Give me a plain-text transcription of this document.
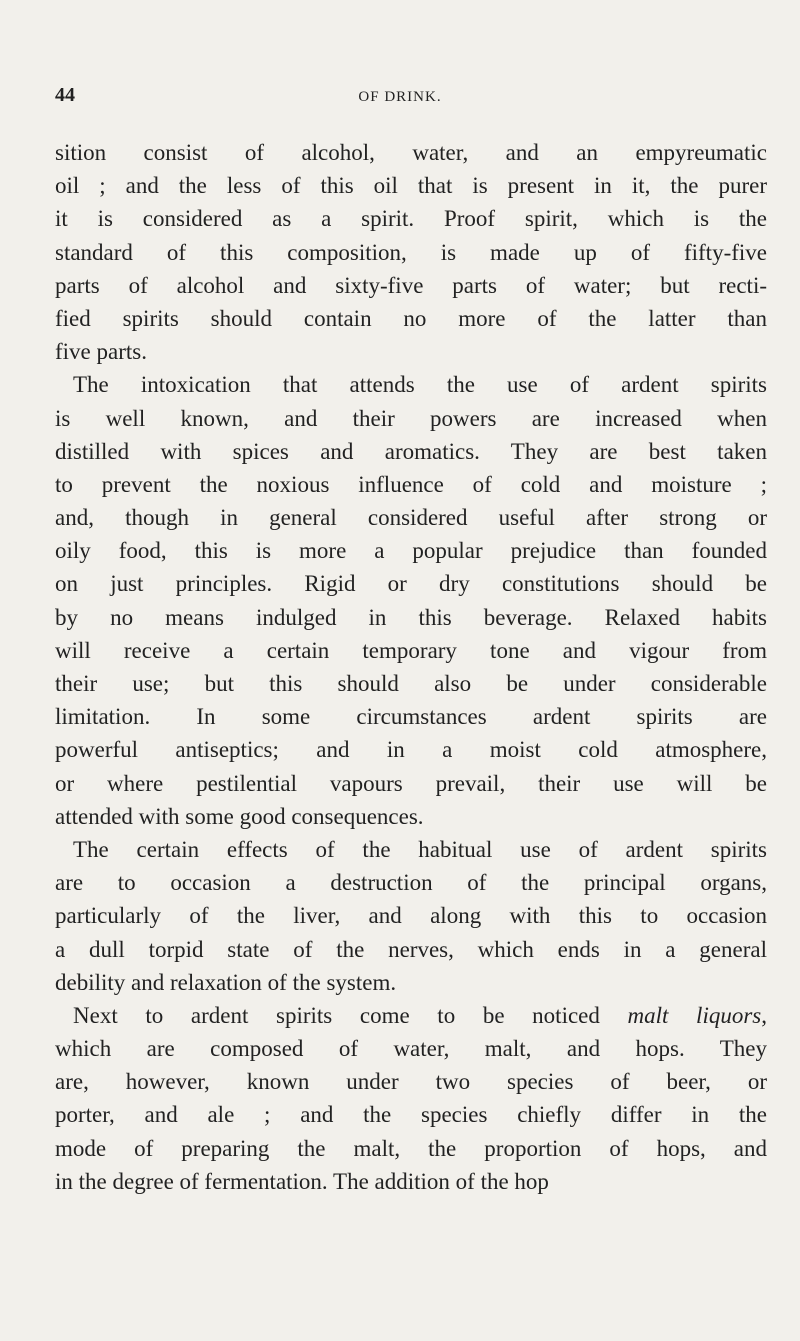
44	OF DRINK.
sition consist of alcohol, water, and an empyreumatic
oil ; and the less of this oil that is present in it, the purer
it is considered as a spirit. Proof spirit, which is the
standard of this composition, is made up of fifty-five
parts of alcohol and sixty-five parts of water; but recti-
fied spirits should contain no more of the latter than
five parts.
The intoxication that attends the use of ardent spirits
is well known, and their powers are increased when
distilled with spices and aromatics. They are best taken
to prevent the noxious influence of cold and moisture ;
and, though in general considered useful after strong or
oily food, this is more a popular prejudice than founded
on just principles. Rigid or dry constitutions should be
by no means indulged in this beverage. Relaxed habits
will receive a certain temporary tone and vigour from
their use; but this should also be under considerable
limitation. In some circumstances ardent spirits are
powerful antiseptics; and in a moist cold atmosphere,
or where pestilential vapours prevail, their use will be
attended with some good consequences.
The certain effects of the habitual use of ardent spirits
are to occasion a destruction of the principal organs,
particularly of the liver, and along with this to occasion
a dull torpid state of the nerves, which ends in a general
debility and relaxation of the system.
Next to ardent spirits come to be noticed malt liquors,
which are composed of water, malt, and hops. They
are, however, known under two species of beer, or
porter, and ale ; and the species chiefly differ in the
mode of preparing the malt, the proportion of hops, and
in the degree of fermentation. The addition of the hop
